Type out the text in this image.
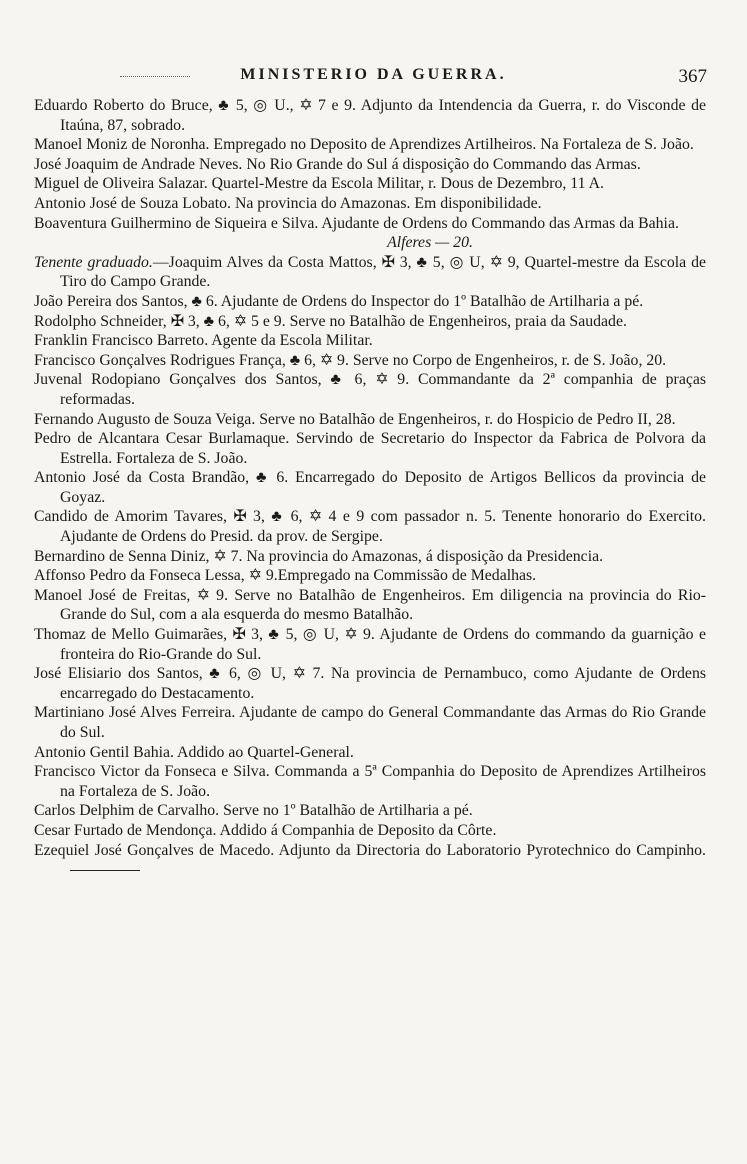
MINISTERIO DA GUERRA.	367

Eduardo Roberto do Bruce, ♣ 5, ◎ U., ✡ 7 e 9. Adjunto da Intendencia da Guerra, r. do Visconde de Itaúna, 87, sobrado.

Manoel Moniz de Noronha. Empregado no Deposito de Aprendizes Artilheiros. Na Fortaleza de S. João.

José Joaquim de Andrade Neves. No Rio Grande do Sul á disposição do Commando das Armas.

Miguel de Oliveira Salazar. Quartel-Mestre da Escola Militar, r. Dous de Dezembro, 11 A.

Antonio José de Souza Lobato. Na provincia do Amazonas. Em disponibilidade.

Boaventura Guilhermino de Siqueira e Silva. Ajudante de Ordens do Commando das Armas da Bahia.

Alferes — 20.

Tenente graduado.—Joaquim Alves da Costa Mattos, ✠ 3, ♣ 5, ◎ U, ✡ 9, Quartel-mestre da Escola de Tiro do Campo Grande.

João Pereira dos Santos, ♣ 6. Ajudante de Ordens do Inspector do 1º Batalhão de Artilharia a pé.

Rodolpho Schneider, ✠ 3, ♣ 6, ✡ 5 e 9. Serve no Batalhão de Engenheiros, praia da Saudade.

Franklin Francisco Barreto. Agente da Escola Militar.

Francisco Gonçalves Rodrigues França, ♣ 6, ✡ 9. Serve no Corpo de Engenheiros, r. de S. João, 20.

Juvenal Rodopiano Gonçalves dos Santos, ♣ 6, ✡ 9. Commandante da 2ª companhia de praças reformadas.

Fernando Augusto de Souza Veiga. Serve no Batalhão de Engenheiros, r. do Hospicio de Pedro II, 28.

Pedro de Alcantara Cesar Burlamaque. Servindo de Secretario do Inspector da Fabrica de Polvora da Estrella. Fortaleza de S. João.

Antonio José da Costa Brandão, ♣ 6. Encarregado do Deposito de Artigos Bellicos da provincia de Goyaz.

Candido de Amorim Tavares, ✠ 3, ♣ 6, ✡ 4 e 9 com passador n. 5. Tenente honorario do Exercito. Ajudante de Ordens do Presid. da prov. de Sergipe.

Bernardino de Senna Diniz, ✡ 7. Na provincia do Amazonas, á disposição da Presidencia.

Affonso Pedro da Fonseca Lessa, ✡ 9.Empregado na Commissão de Medalhas.

Manoel José de Freitas, ✡ 9. Serve no Batalhão de Engenheiros. Em diligencia na provincia do Rio-Grande do Sul, com a ala esquerda do mesmo Batalhão.

Thomaz de Mello Guimarães, ✠ 3, ♣ 5, ◎ U, ✡ 9. Ajudante de Ordens do commando da guarnição e fronteira do Rio-Grande do Sul.

José Elisiario dos Santos, ♣ 6, ◎ U, ✡ 7. Na provincia de Pernambuco, como Ajudante de Ordens encarregado do Destacamento.

Martiniano José Alves Ferreira. Ajudante de campo do General Commandante das Armas do Rio Grande do Sul.

Antonio Gentil Bahia. Addido ao Quartel-General.

Francisco Victor da Fonseca e Silva. Commanda a 5ª Companhia do Deposito de Aprendizes Artilheiros na Fortaleza de S. João.

Carlos Delphim de Carvalho. Serve no 1º Batalhão de Artilharia a pé.

Cesar Furtado de Mendonça. Addido á Companhia de Deposito da Côrte.

Ezequiel José Gonçalves de Macedo. Adjunto da Directoria do Laboratorio Pyrotechnico do Campinho.
